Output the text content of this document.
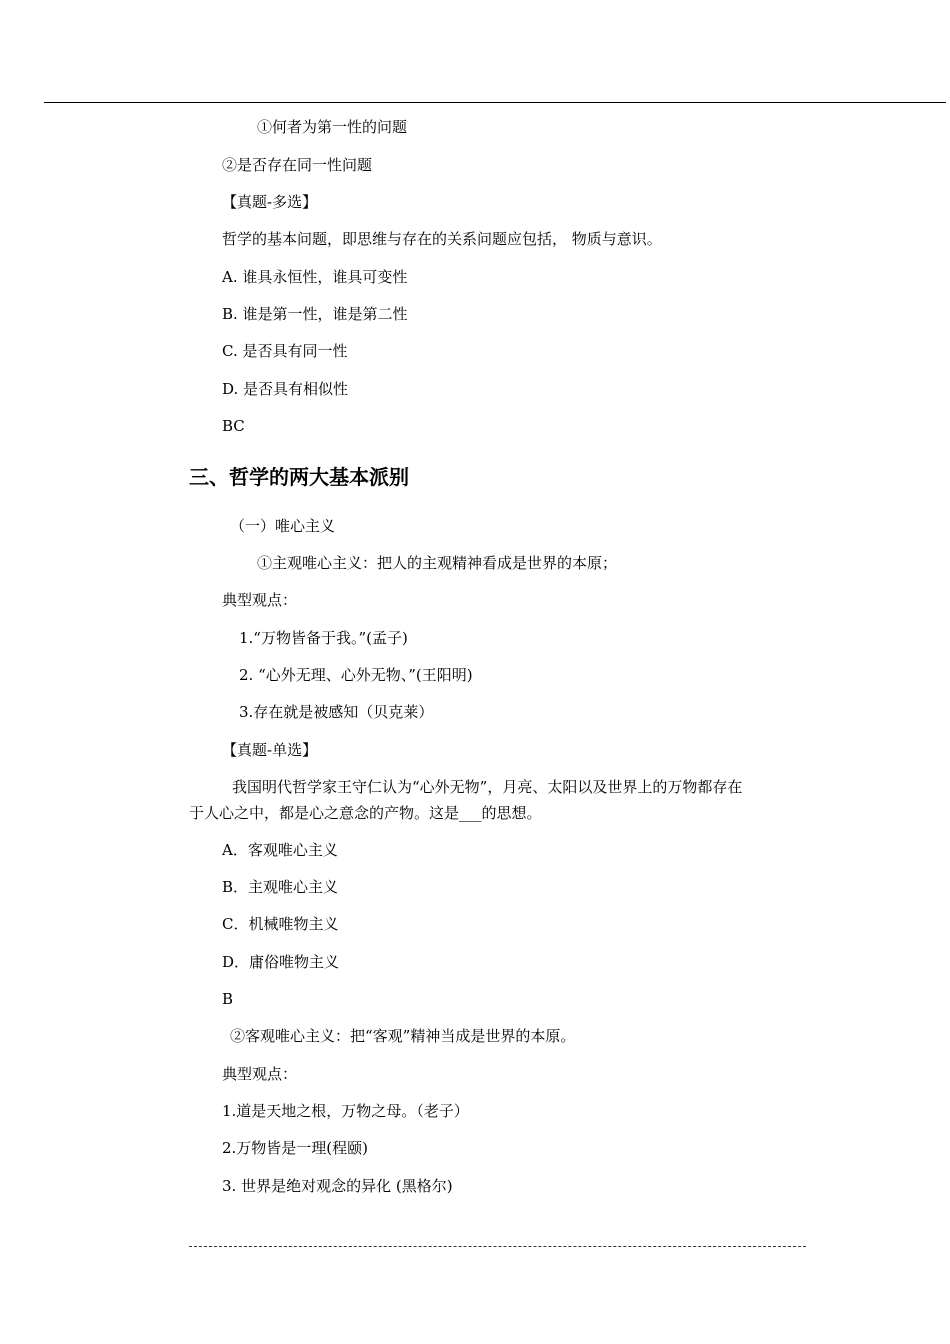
①何者为第一性的问题
②是否存在同一性问题
【真题-多选】
哲学的基本问题，即思维与存在的关系问题应包括， 物质与意识。
A. 谁具永恒性，谁具可变性
B. 谁是第一性，谁是第二性
C. 是否具有同一性
D. 是否具有相似性
BC
三、哲学的两大基本派别
（一）唯心主义
①主观唯心主义：把人的主观精神看成是世界的本原；
典型观点：
1.“万物皆备于我。”(孟子)
2. “心外无理、心外无物、”(王阳明)
3.存在就是被感知（贝克莱）
【真题-单选】
我国明代哲学家王守仁认为“心外无物”，月亮、太阳以及世界上的万物都存在
于人心之中，都是心之意念的产物。这是___的思想。
A．客观唯心主义
B．主观唯心主义
C．机械唯物主义
D．庸俗唯物主义
B
②客观唯心主义：把“客观”精神当成是世界的本原。
典型观点：
1.道是天地之根，万物之母。（老子）
2.万物皆是一理(程颐)
3. 世界是绝对观念的异化 (黑格尔)
